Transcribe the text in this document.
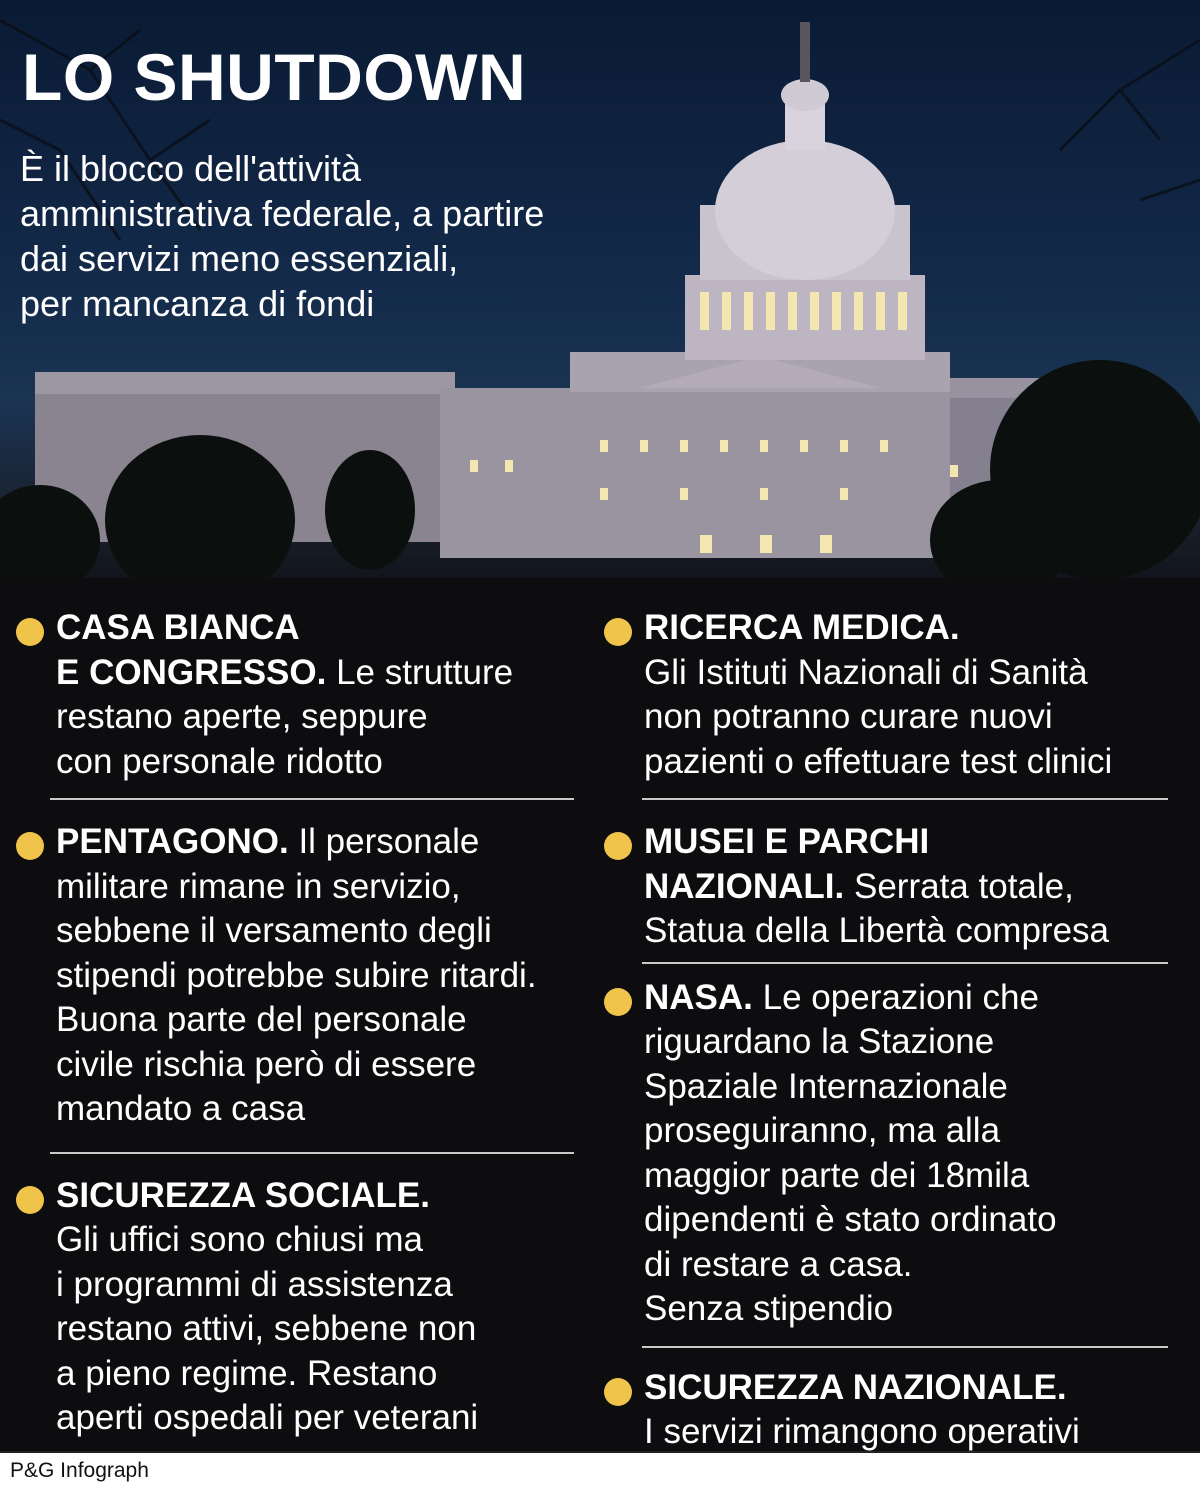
LO SHUTDOWN

È il blocco dell'attività
amministrativa federale, a partire
dai servizi meno essenziali,
per mancanza di fondi

CASA BIANCA
E CONGRESSO. Le strutture
restano aperte, seppure
con personale ridotto
PENTAGONO. Il personale
militare rimane in servizio,
sebbene il versamento degli
stipendi potrebbe subire ritardi.
Buona parte del personale
civile rischia però di essere
mandato a casa
SICUREZZA SOCIALE.
Gli uffici sono chiusi ma
i programmi di assistenza
restano attivi, sebbene non
a pieno regime. Restano
aperti ospedali per veterani
RICERCA MEDICA.
Gli Istituti Nazionali di Sanità
non potranno curare nuovi
pazienti o effettuare test clinici
MUSEI E PARCHI
NAZIONALI. Serrata totale,
Statua della Libertà compresa
NASA. Le operazioni che
riguardano la Stazione
Spaziale Internazionale
proseguiranno, ma alla
maggior parte dei 18mila
dipendenti è stato ordinato
di restare a casa.
Senza stipendio
SICUREZZA NAZIONALE.
I servizi rimangono operativi
P&G Infograph
